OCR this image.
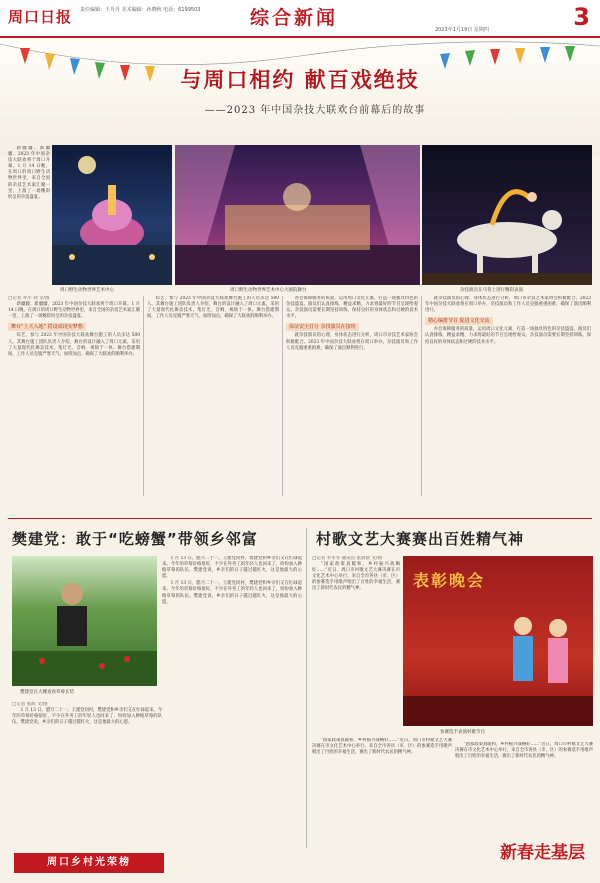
周口日报 责任编辑：王丹丹 美术编辑：孙晓秋 电话：6199503	综合新闻
2023年1月19日 星期四	3
与周口相约 献百戏绝技
——2023 年中国杂技大联欢台前幕后的故事

新疆疆、新疆疆，2023 年中国杂技大联欢将于周口开幕。1 月 14 日晚，在周口的周口野生动物世界里，来自全国的杂技艺术家汇聚一堂，上演了一场精彩纷呈的杂技盛宴。

周口野生动物世界艺术中心	周口野生动物世界艺术中心大剧院舞台	杂技演员在马背上进行精彩表演
□记者 乔小 刘 文/图

新疆疆、新疆疆，2023 年中国杂技大联欢将于周口开幕。1 月 14 日晚，在周口的周口野生动物世界里，来自全国的杂技艺术家汇聚一堂，上演了一场精彩纷呈的杂技盛宴。

舞台“上天入地” 搭设成现实梦想

综艺、参与 2023 年中国杂技大联欢舞台施工的人员多达 500 人。其舞台施工团队负责人介绍，舞台的设计融入了周口元素，采用了大量现代化舞美技术，集灯光、音响、视频于一体。舞台搭建期间，工作人员克服严寒天气，加班加点，确保了大联欢的顺利举办。

综艺、参与 2023 年中国杂技大联欢舞台施工的人员多达 500 人。其舞台施工团队负责人介绍，舞台的设计融入了周口元素，采用了大量现代化舞美技术，集灯光、音响、视频于一体。舞台搭建期间，工作人员克服严寒天气，加班加点，确保了大联欢的顺利举办。

办会保障服务的质量，运用周口文化元素，打造一场独具特色的杂技盛宴。演员们认真排练，精益求精，力求将最好的节目呈现给观众。杂技演员需要长期坚持训练，保持良好的身体状态和过硬的技术水平。

保证安全打分 杂技演员在接班

就杂技演员的心理、身体状态进行分析，周口市杂技艺术家协会积极配合。2023 年中国杂技大联欢将在周口举办，杂技演员和工作人员克服重重困难，确保了演出顺利进行。

就杂技演员的心理、身体状态进行分析，周口市杂技艺术家协会积极配合。2023 年中国杂技大联欢将在周口举办，杂技演员和工作人员克服重重困难，确保了演出顺利进行。

精心编排节目 促进文化交流

办会保障服务的质量，运用周口文化元素，打造一场独具特色的杂技盛宴。演员们认真排练，精益求精，力求将最好的节目呈现给观众。杂技演员需要长期坚持训练，保持良好的身体状态和过硬的技术水平。

樊建党：敢于“吃螃蟹”带领乡邻富
樊建党在大棚查看草莓长势
□记者 张辉 文/图

1 月 13 日，腊月二十一。王建党同村，樊建党和乡亲们又在忙碌起来。今年的草莓价格很好，不少在外务工的年轻人也回来了，纷纷加入种植草莓的队伍。樊建党说，乡亲们的日子越过越红火，这是他最大的心愿。

1 月 13 日，腊月二十一。王建党同村，樊建党和乡亲们又在忙碌起来。今年的草莓价格很好，不少在外务工的年轻人也回来了，纷纷加入种植草莓的队伍。樊建党说，乡亲们的日子越过越红火，这是他最大的心愿。

1 月 13 日，腊月二十一。王建党同村，樊建党和乡亲们又在忙碌起来。今年的草莓价格很好，不少在外务工的年轻人也回来了，纷纷加入种植草莓的队伍。樊建党说，乡亲们的日子越过越红火，这是他最大的心愿。

村歌文艺大赛赛出百姓精气神
□记者 李冬冬 通讯员 张晨晨 文/图

“国家政策真暖和，乡村振兴战略好……”近日，周口市村歌文艺大赛决赛在市文化艺术中心举行。来自全市各县（市、区）的参赛选手用歌声唱出了百姓的幸福生活，赛出了新时代农民的精气神。	表彰晚会
参赛选手表演村歌节目

“国家政策真暖和，乡村振兴战略好……”近日，周口市村歌文艺大赛决赛在市文化艺术中心举行。来自全市各县（市、区）的参赛选手用歌声唱出了百姓的幸福生活，赛出了新时代农民的精气神。

“国家政策真暖和，乡村振兴战略好……”近日，周口市村歌文艺大赛决赛在市文化艺术中心举行。来自全市各县（市、区）的参赛选手用歌声唱出了百姓的幸福生活，赛出了新时代农民的精气神。

周口乡村光荣榜	新春走基层
